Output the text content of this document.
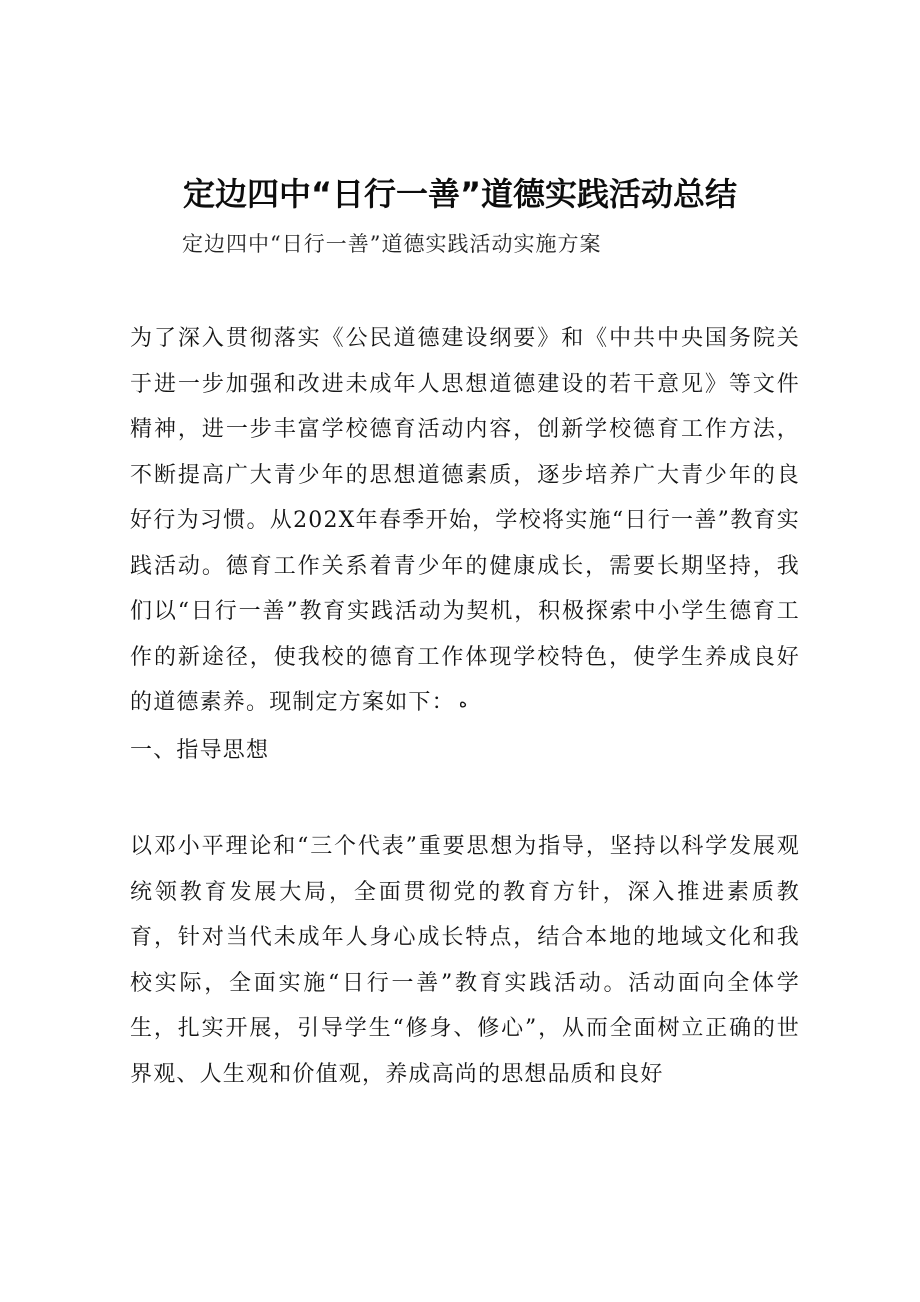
定边四中“日行一善”道德实践活动总结
定边四中“日行一善”道德实践活动实施方案
为了深入贯彻落实《公民道德建设纲要》和《中共中央国务院关于进一步加强和改进未成年人思想道德建设的若干意见》等文件精神，进一步丰富学校德育活动内容，创新学校德育工作方法，不断提高广大青少年的思想道德素质，逐步培养广大青少年的良好行为习惯。从202X年春季开始，学校将实施“日行一善”教育实践活动。德育工作关系着青少年的健康成长，需要长期坚持，我们以“日行一善”教育实践活动为契机，积极探索中小学生德育工作的新途径，使我校的德育工作体现学校特色，使学生养成良好的道德素养。现制定方案如下： ه
一、指导思想
以邓小平理论和“三个代表”重要思想为指导，坚持以科学发展观统领教育发展大局，全面贯彻党的教育方针，深入推进素质教育，针对当代未成年人身心成长特点，结合本地的地域文化和我校实际，全面实施“日行一善”教育实践活动。活动面向全体学生，扎实开展，引导学生“修身、修心”，从而全面树立正确的世界观、人生观和价值观，养成高尚的思想品质和良好
